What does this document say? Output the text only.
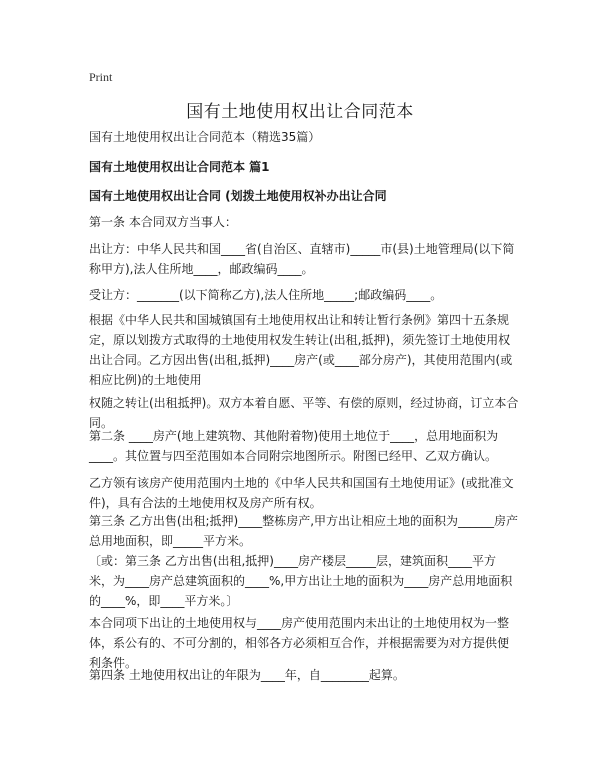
Print
国有土地使用权出让合同范本

国有土地使用权出让合同范本（精选35篇）

国有土地使用权出让合同范本 篇1

国有土地使用权出让合同 (划拨土地使用权补办出让合同

第一条 本合同双方当事人：

出让方：中华人民共和国____省(自治区、直辖市)_____市(县)土地管理局(以下简称甲方),法人住所地____，邮政编码____。

受让方：_______(以下简称乙方),法人住所地_____;邮政编码____。

根据《中华人民共和国城镇国有土地使用权出让和转让暂行条例》第四十五条规定，原以划拨方式取得的土地使用权发生转让(出租,抵押)，须先签订土地使用权出让合同。乙方因出售(出租,抵押)____房产(或____部分房产)，其使用范围内(或相应比例)的土地使用

权随之转让(出租抵押)。双方本着自愿、平等、有偿的原则，经过协商，订立本合同。

第二条 ____房产(地上建筑物、其他附着物)使用土地位于____，总用地面积为____。其位置与四至范围如本合同附宗地图所示。附图已经甲、乙双方确认。

乙方领有该房产使用范围内土地的《中华人民共和国国有土地使用证》(或批准文件)，具有合法的土地使用权及房产所有权。

第三条 乙方出售(出租;抵押)____整栋房产,甲方出让相应土地的面积为______房产总用地面积，即_____平方米。

〔或：第三条 乙方出售(出租,抵押)____房产楼层_____层，建筑面积____平方米，为____房产总建筑面积的____%,甲方出让土地的面积为____房产总用地面积的____%，即____平方米。〕

本合同项下出让的土地使用权与____房产使用范围内未出让的土地使用权为一整体，系公有的、不可分割的，相邻各方必须相互合作，并根据需要为对方提供便利条件。

第四条 土地使用权出让的年限为____年，自________起算。
